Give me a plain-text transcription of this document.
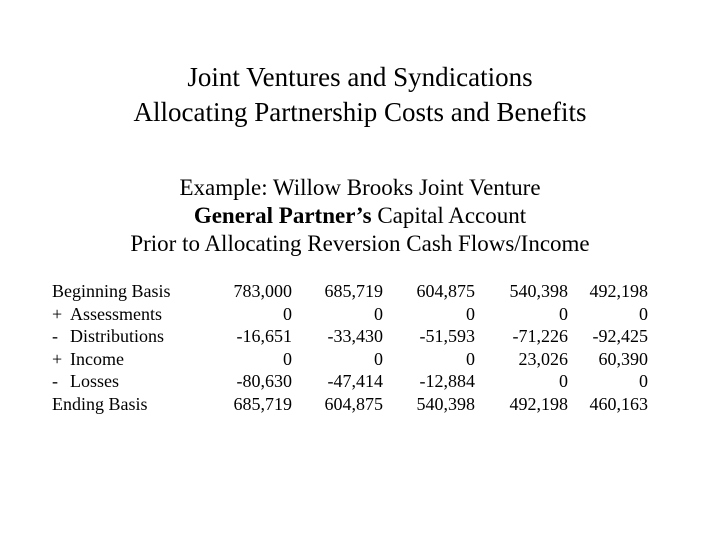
Joint Ventures and Syndications
Allocating Partnership Costs and Benefits
Example: Willow Brooks Joint Venture
General Partner’s Capital Account
Prior to Allocating Reversion Cash Flows/Income
Beginning Basis	783,000	685,719	604,875	540,398	492,198
+ Assessments	0	0	0	0	0
- Distributions	-16,651	-33,430	-51,593	-71,226	-92,425
+ Income	0	0	0	23,026	60,390
- Losses	-80,630	-47,414	-12,884	0	0
Ending Basis	685,719	604,875	540,398	492,198	460,163
